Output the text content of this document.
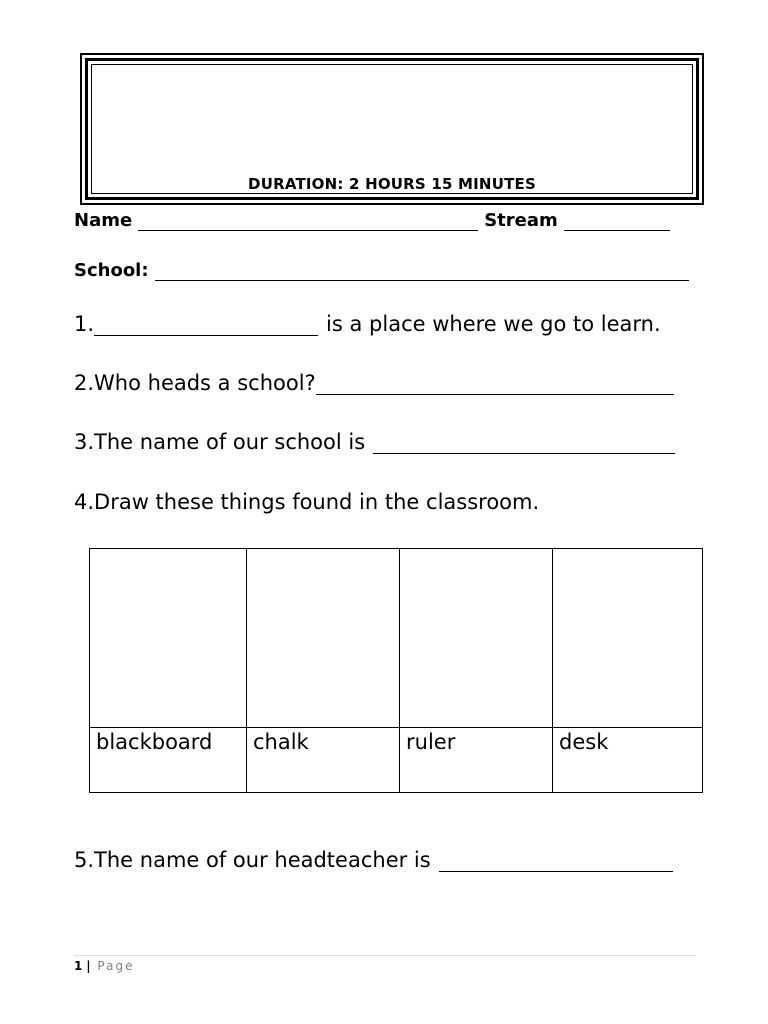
DURATION: 2 HOURS 15 MINUTES
Name	Stream
School:
1.	is a place where we go to learn.
2.Who heads a school?
3.The name of our school is
4.Draw these things found in the classroom.

blackboard	chalk	ruler	desk
5.The name of our headteacher is
1 | Page
